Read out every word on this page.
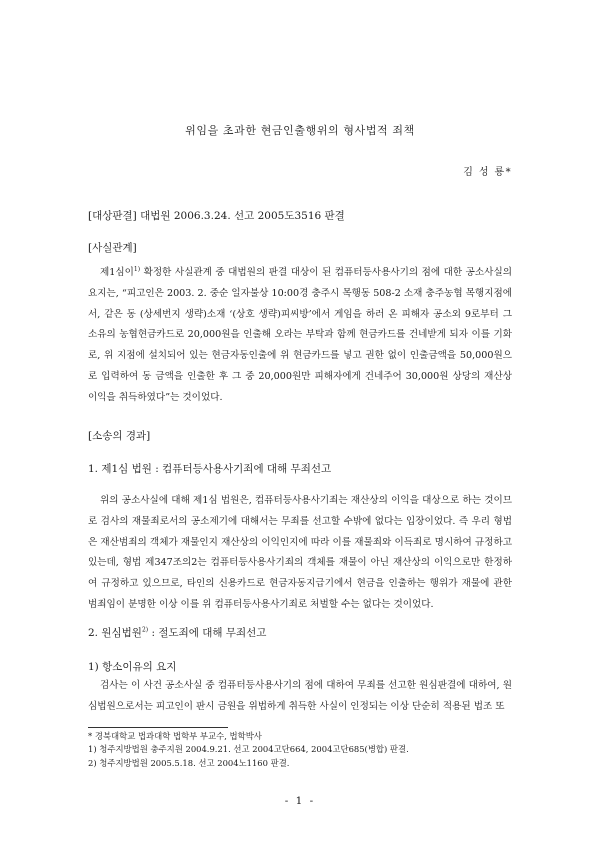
위임을 초과한 현금인출행위의 형사법적 죄책
김 성 룡*
[대상판결] 대법원 2006.3.24. 선고 2005도3516 판결
[사실관계]

제1심이$^{1)}$ 확정한 사실관계 중 대법원의 판결 대상이 된 컴퓨터등사용사기의 점에 대한 공소사실의 요지는, “피고인은 2003. 2. 중순 일자불상 10:00경 충주시 목행동 508-2 소재 충주농협 목행지점에서, 같은 동 (상세번지 생략)소재 ‘(상호 생략)피씨방’에서 게임을 하러 온 피해자 공소외 9로부터 그 소유의 농협현금카드로 20,000원을 인출해 오라는 부탁과 함께 현금카드를 건네받게 되자 이를 기화로, 위 지점에 설치되어 있는 현금자동인출에 위 현금카드를 넣고 권한 없이 인출금액을 50,000원으로 입력하여 동 금액을 인출한 후 그 중 20,000원만 피해자에게 건네주어 30,000원 상당의 재산상 이익을 취득하였다”는 것이었다.

[소송의 경과]
1. 제1심 법원 : 컴퓨터등사용사기죄에 대해 무죄선고

위의 공소사실에 대해 제1심 법원은, 컴퓨터등사용사기죄는 재산상의 이익을 대상으로 하는 것이므로 검사의 재물죄로서의 공소제기에 대해서는 무죄를 선고할 수밖에 없다는 입장이었다. 즉 우리 형법은 재산범죄의 객체가 재물인지 재산상의 이익인지에 따라 이를 재물죄와 이득죄로 명시하여 규정하고 있는데, 형법 제347조의2는 컴퓨터등사용사기죄의 객체를 재물이 아닌 재산상의 이익으로만 한정하여 규정하고 있으므로, 타인의 신용카드로 현금자동지급기에서 현금을 인출하는 행위가 재물에 관한 범죄임이 분명한 이상 이를 위 컴퓨터등사용사기죄로 처벌할 수는 없다는 것이었다.

2. 원심법원$^{2)}$ : 절도죄에 대해 무죄선고
1) 항소이유의 요지

검사는 이 사건 공소사실 중 컴퓨터등사용사기의 점에 대하여 무죄를 선고한 원심판결에 대하여, 원심법원으로서는 피고인이 판시 금원을 위법하게 취득한 사실이 인정되는 이상 단순히 적용된 법조 또

* 경북대학교 법과대학 법학부 부교수, 법학박사
1) 청주지방법원 충주지원 2004.9.21. 선고 2004고단664, 2004고단685(병합) 판결.
2) 청주지방법원 2005.5.18. 선고 2004노1160 판결.
- 1 -
